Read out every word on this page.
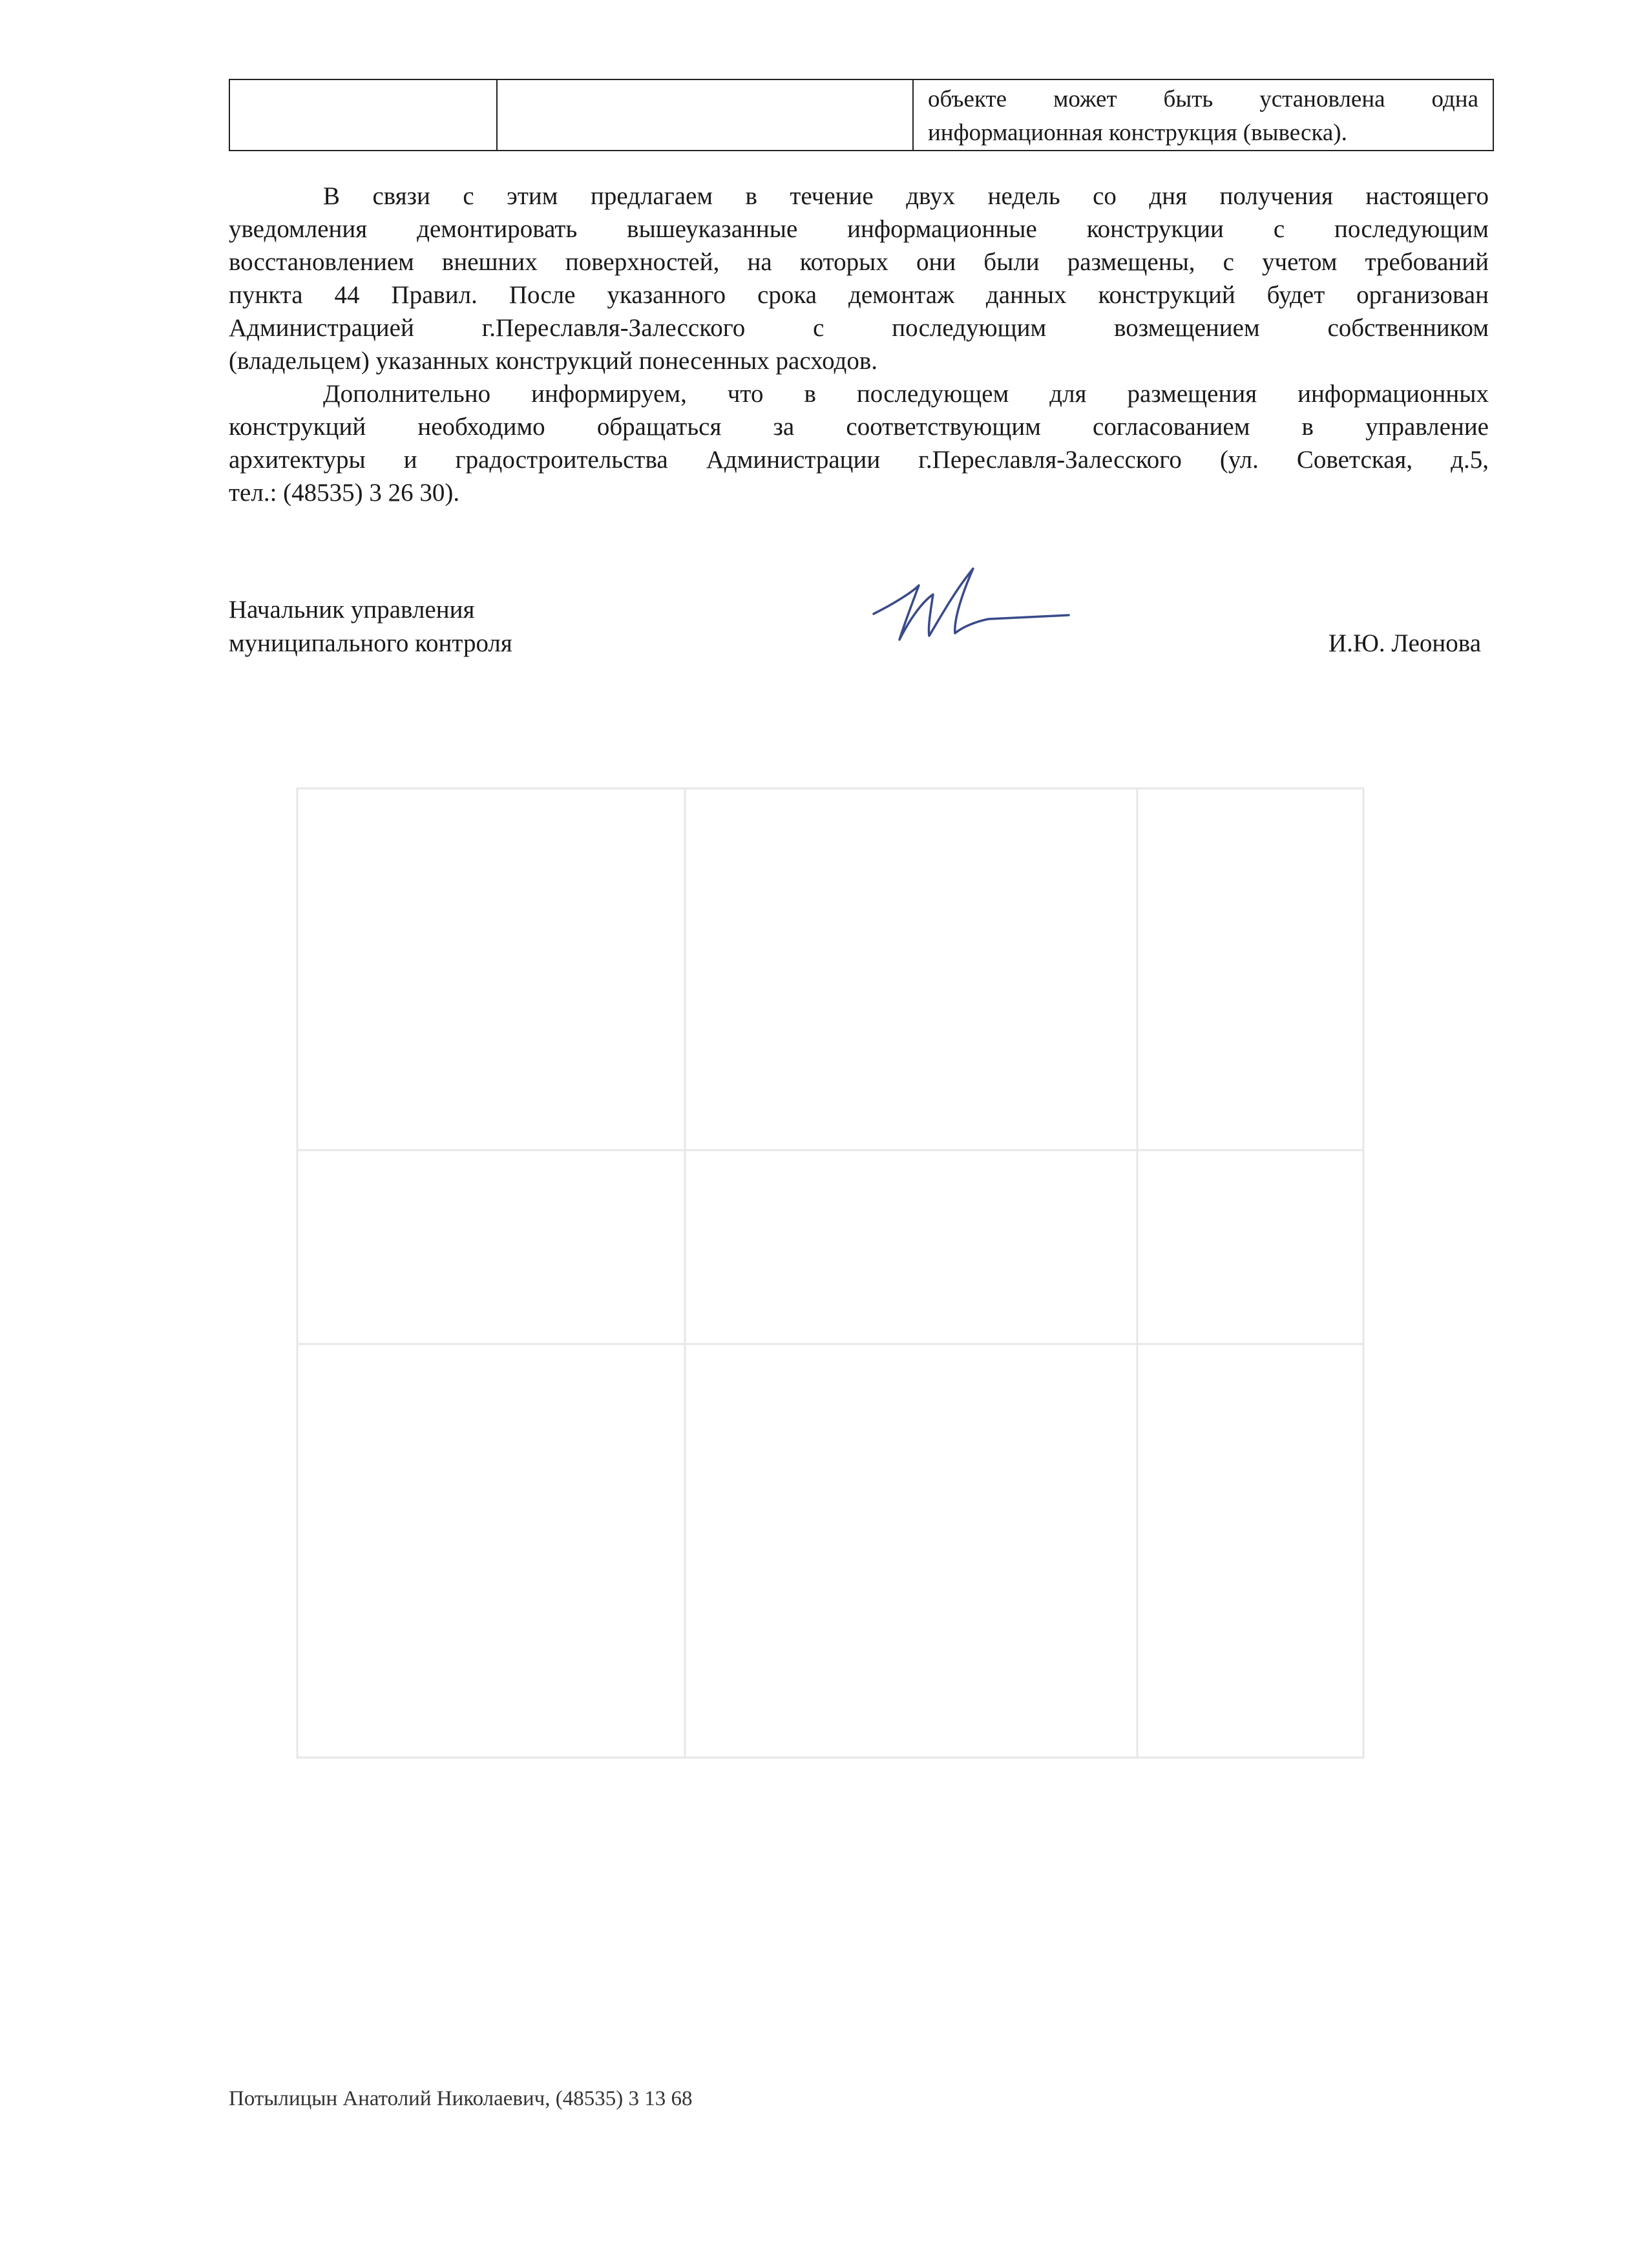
объекте может быть установлена одна
информационная конструкция (вывеска).

В связи с этим предлагаем в течение двух недель со дня получения настоящего
уведомления демонтировать вышеуказанные информационные конструкции с последующим
восстановлением внешних поверхностей, на которых они были размещены, с учетом требований
пункта 44 Правил. После указанного срока демонтаж данных конструкций будет организован
Администрацией г.Переславля-Залесского с последующим возмещением собственником
(владельцем) указанных конструкций понесенных расходов.

Дополнительно информируем, что в последующем для размещения информационных
конструкций необходимо обращаться за соответствующим согласованием в управление
архитектуры и градостроительства Администрации г.Переславля-Залесского (ул. Советская, д.5,
тел.: (48535) 3 26 30).

Начальник управления
муниципального контроля	И.Ю. Леонова
Потылицын Анатолий Николаевич, (48535) 3 13 68
